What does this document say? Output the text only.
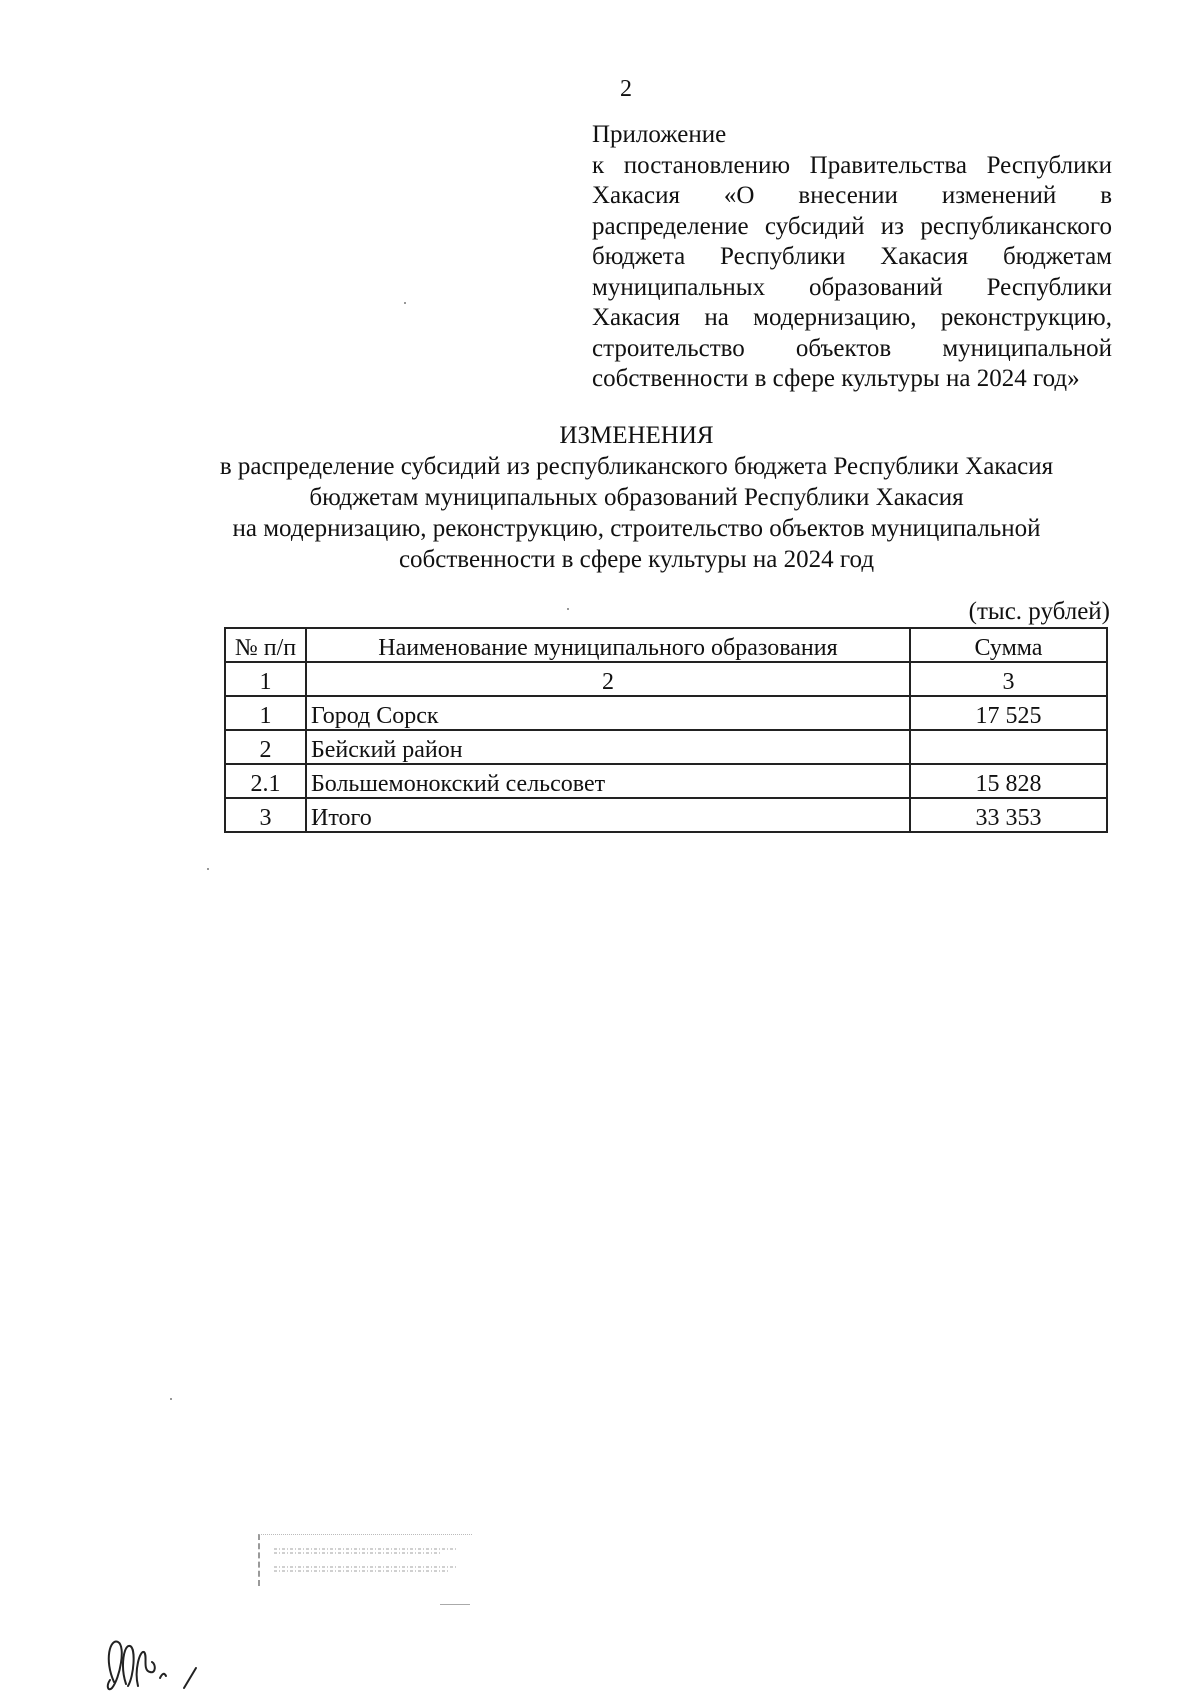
2
Приложение
к постановлению Правительства Республики Хакасия «О внесении изменений в распределение субсидий из республиканского бюджета Республики Хакасия бюджетам муниципальных образований Республики Хакасия на модернизацию, реконструкцию, строительство объектов муниципальной собственности в сфере культуры на 2024 год»
ИЗМЕНЕНИЯ
в распределение субсидий из республиканского бюджета Республики Хакасия
бюджетам муниципальных образований Республики Хакасия
на модернизацию, реконструкцию, строительство объектов муниципальной
собственности в сфере культуры на 2024 год
(тыс. рублей)
№ п/п	Наименование муниципального образования	Сумма
1	2	3
1	Город Сорск	17 525
2	Бейский район	
2.1	Большемонокский сельсовет	15 828
3	Итого	33 353
